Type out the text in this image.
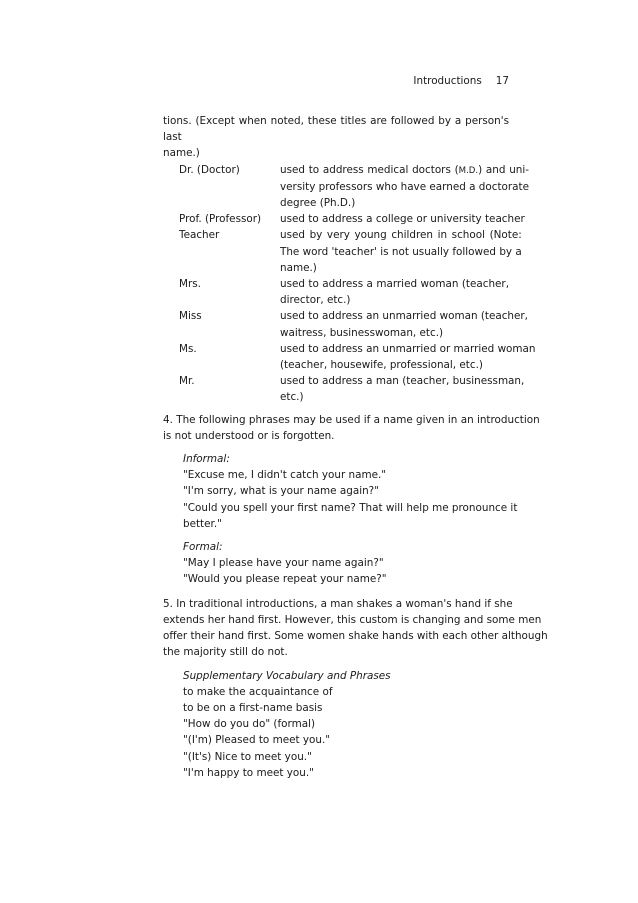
Introductions 17
tions. (Except when noted, these titles are followed by a person's last
name.)
Dr. (Doctor)	used to address medical doctors (M.D.) and uni-
versity professors who have earned a doctorate
degree (Ph.D.)
Prof. (Professor)	used to address a college or university teacher
Teacher	used by very young children in school (Note:
The word 'teacher' is not usually followed by a
name.)
Mrs.	used to address a married woman (teacher,
director, etc.)
Miss	used to address an unmarried woman (teacher,
waitress, businesswoman, etc.)
Ms.	used to address an unmarried or married woman
(teacher, housewife, professional, etc.)
Mr.	used to address a man (teacher, businessman,
etc.)
4. The following phrases may be used if a name given in an introduction
is not understood or is forgotten.
Informal:
"Excuse me, I didn't catch your name."
"I'm sorry, what is your name again?"
"Could you spell your first name? That will help me pronounce it
better."
Formal:
"May I please have your name again?"
"Would you please repeat your name?"
5. In traditional introductions, a man shakes a woman's hand if she
extends her hand first. However, this custom is changing and some men
offer their hand first. Some women shake hands with each other although
the majority still do not.
Supplementary Vocabulary and Phrases
to make the acquaintance of
to be on a first-name basis
"How do you do" (formal)
"(I'm) Pleased to meet you."
"(It's) Nice to meet you."
"I'm happy to meet you."
